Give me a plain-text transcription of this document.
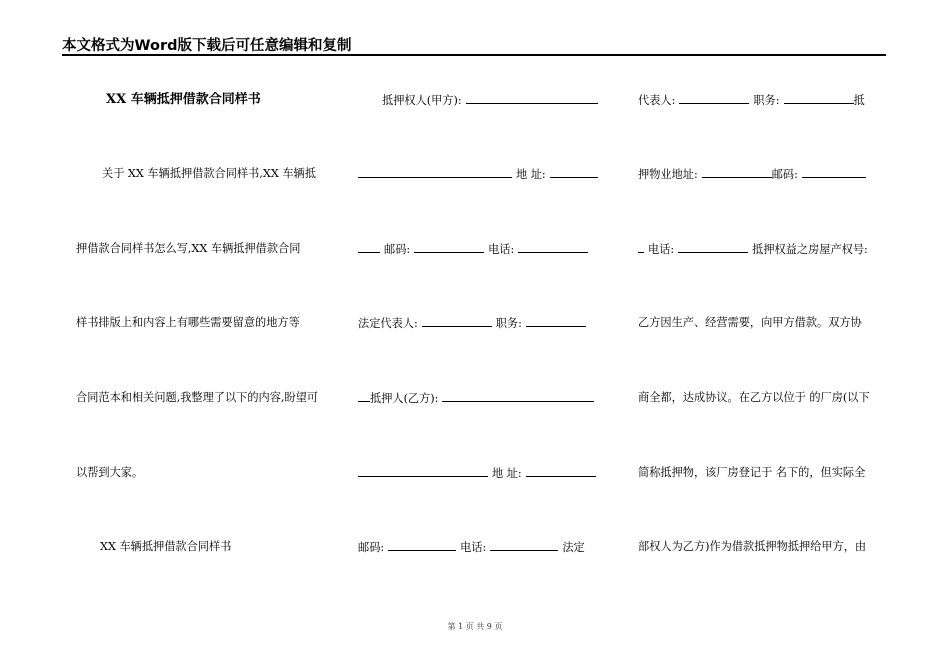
本文格式为Word版下载后可任意编辑和复制
XX 车辆抵押借款合同样书
关于 XX 车辆抵押借款合同样书,XX 车辆抵
押借款合同样书怎么写,XX 车辆抵押借款合同
样书排版上和内容上有哪些需要留意的地方等
合同范本和相关问题,我整理了以下的内容,盼望可
以帮到大家。
XX 车辆抵押借款合同样书
抵押权人(甲方):
地 址:
邮码:	电话:
法定代表人:	职务:
抵押人(乙方):
地 址:
邮码:	电话:	法定
代表人:	职务:	抵
押物业地址:	邮码:
电话:	抵押权益之房屋产权号:
乙方因生产、经营需要，向甲方借款。双方协
商全都，达成协议。在乙方以位于 的厂房(以下
简称抵押物，该厂房登记于 名下的，但实际全
部权人为乙方)作为借款抵押物抵押给甲方，由
第 1 页 共 9 页
